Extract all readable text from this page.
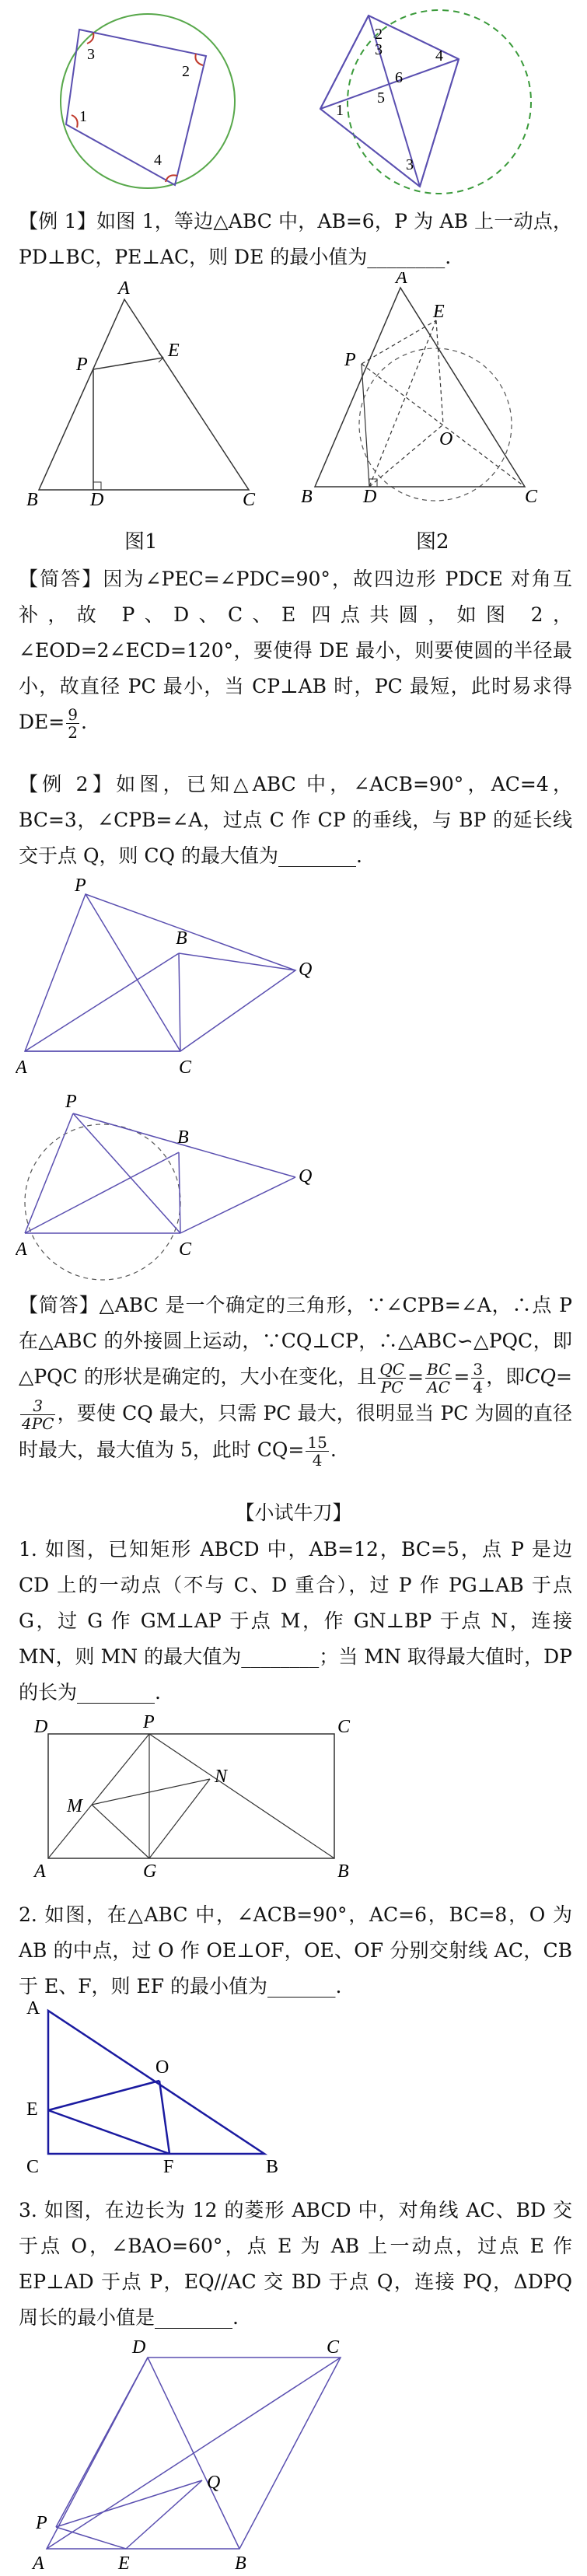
3
2
1
4
2
3	4
6
5
1
3
【例 1】如图 1，等边△ABC 中，AB=6，P 为 AB 上一动点，PD⊥BC，PE⊥AC，则 DE 的最小值为________.
A
E
P
B	D	C
A
E
P
O
B	D	C
图1	图2
【简答】因为∠PEC=∠PDC=90°，故四边形 PDCE 对角互补，故 P、D、C、E 四点共圆，如图 2，∠EOD=2∠ECD=120°，要使得 DE 最小，则要使圆的半径最小，故直径 PC 最小，当 CP⊥AB 时，PC 最短，此时易求得 $DE= \frac{9}{2}$ .
【例 2】如图，已知△ABC 中，∠ACB=90°，AC=4，BC=3，∠CPB=∠A，过点 C 作 CP 的垂线，与 BP 的延长线交于点 Q，则 CQ 的最大值为________.
P
B
Q
A	C
P
B
Q
A	C
【简答】△ABC 是一个确定的三角形，∵∠CPB=∠A，∴点 P 在△ABC 的外接圆上运动，∵CQ⊥CP，∴△ABC∽△PQC，即△PQC 的形状是确定的，大小在变化，且 $\frac{QC}{PC} = \frac{BC}{AC} = \frac{3}{4}$ ，即CQ=
$\frac{3}{4PC}$ ，要使 CQ 最大，只需 PC 最大，很明显当 PC 为圆的直径时最大，最大值为 5，此时 $CQ= \frac{15}{4}$ .
【小试牛刀】
1. 如图，已知矩形 ABCD 中，AB=12，BC=5，点 P 是边 CD 上的一动点（不与 C、D 重合），过 P 作 PG⊥AB 于点 G，过 G 作 GM⊥AP 于点 M，作 GN⊥BP 于点 N，连接 MN，则 MN 的最大值为________；当 MN 取得最大值时，DP 的长为________.
D	P	C
M
N
A	G	B
2. 如图，在△ABC 中，∠ACB=90°，AC=6，BC=8，O 为 AB 的中点，过 O 作 OE⊥OF，OE、OF 分别交射线 AC，CB 于 E、F，则 EF 的最小值为_______.
A
O
E
C	F	B
3. 如图，在边长为 12 的菱形 ABCD 中，对角线 AC、BD 交于点 O，∠BAO=60°，点 E 为 AB 上一动点，过点 E 作 EP⊥AD 于点 P，EQ//AC 交 BD 于点 Q，连接 PQ，ΔDPQ 周长的最小值是________.
D	C
Q
P
A	E	B
